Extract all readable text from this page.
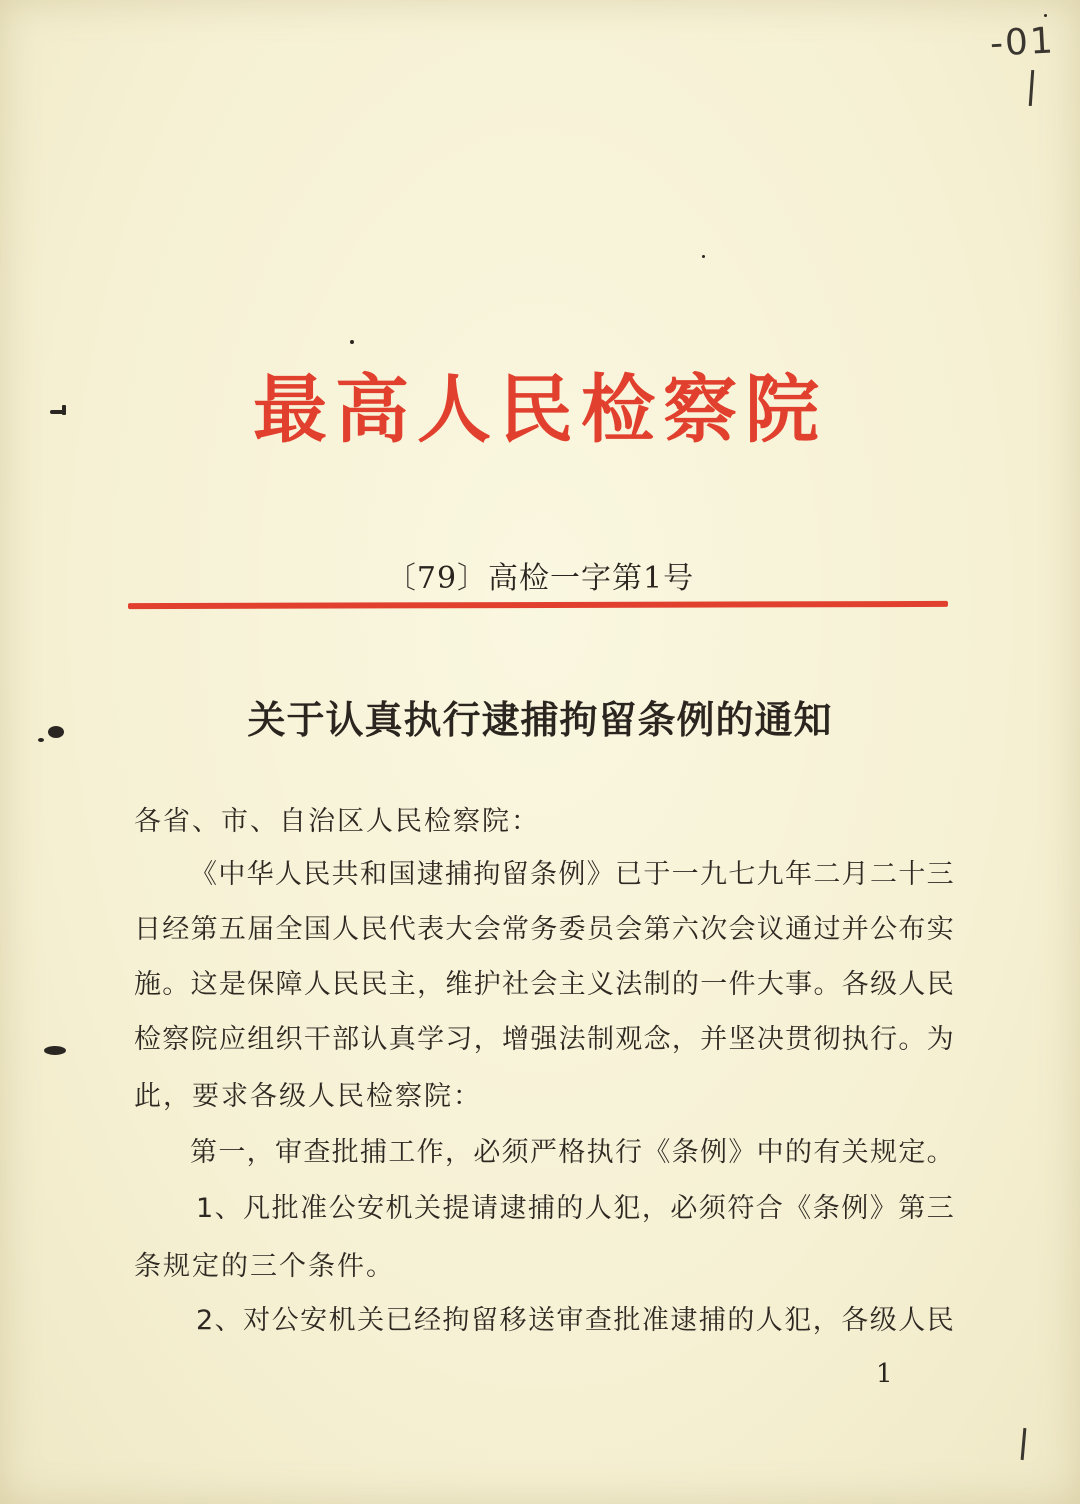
-01
最高人民检察院
〔79〕高检一字第1号
关于认真执行逮捕拘留条例的通知
各省、市、自治区人民检察院：
《中华人民共和国逮捕拘留条例》已于一九七九年二月二十三
日经第五届全国人民代表大会常务委员会第六次会议通过并公布实
施。这是保障人民民主，维护社会主义法制的一件大事。各级人民
检察院应组织干部认真学习，增强法制观念，并坚决贯彻执行。为
此，要求各级人民检察院：
第一，审查批捕工作，必须严格执行《条例》中的有关规定。
1、凡批准公安机关提请逮捕的人犯，必须符合《条例》第三
条规定的三个条件。
2、对公安机关已经拘留移送审查批准逮捕的人犯，各级人民
1
